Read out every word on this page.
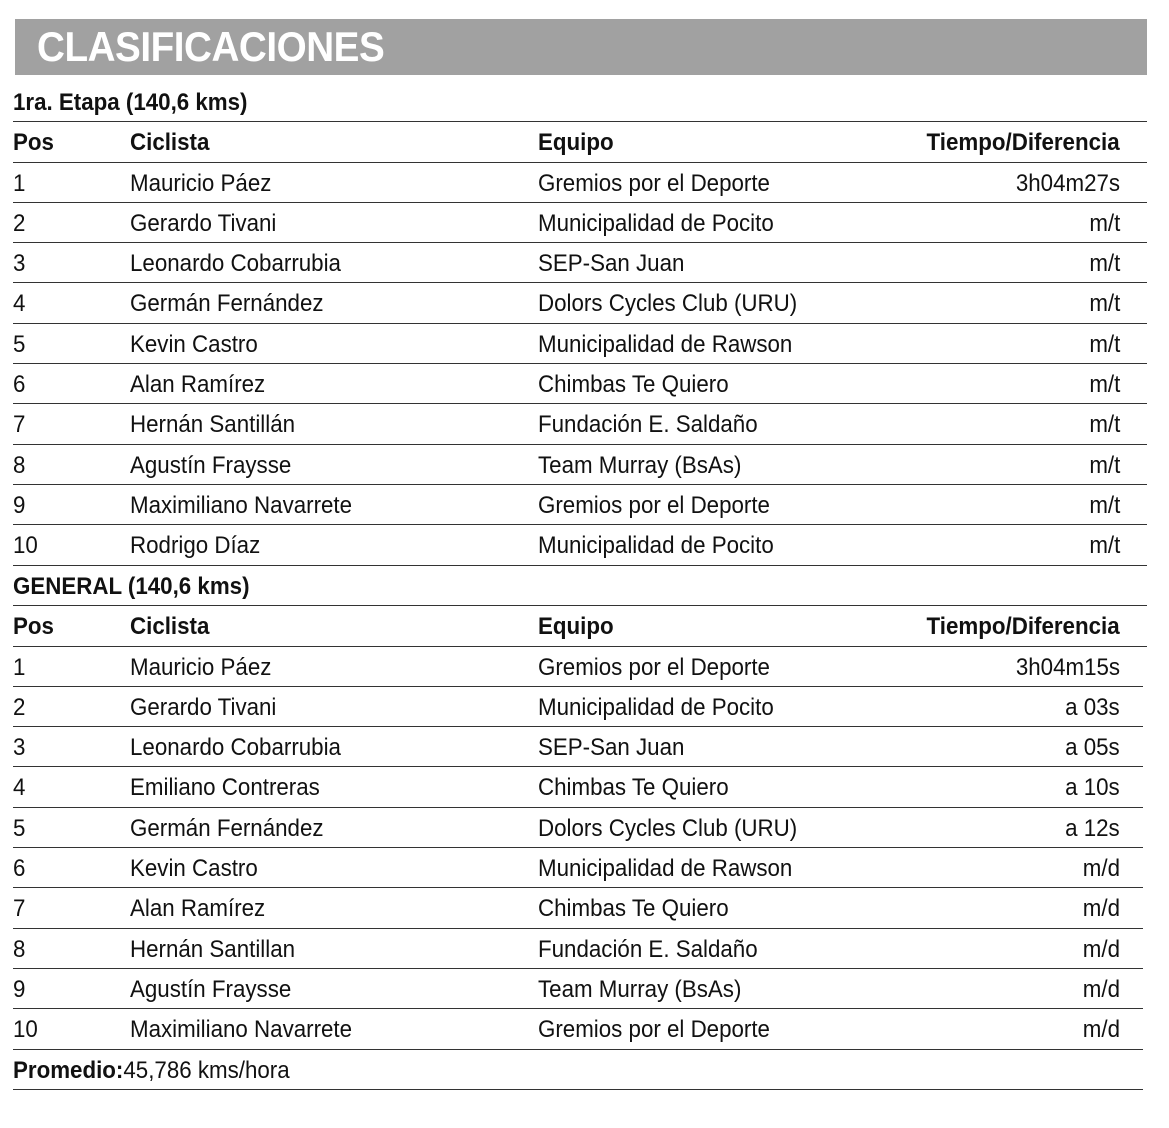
CLASIFICACIONES
1ra. Etapa (140,6 kms)
Pos	Ciclista	Equipo	Tiempo/Diferencia
1	Mauricio Páez	Gremios por el Deporte	3h04m27s
2	Gerardo Tivani	Municipalidad de Pocito	m/t
3	Leonardo Cobarrubia	SEP-San Juan	m/t
4	Germán Fernández	Dolors Cycles Club (URU)	m/t
5	Kevin Castro	Municipalidad de Rawson	m/t
6	Alan Ramírez	Chimbas Te Quiero	m/t
7	Hernán Santillán	Fundación E. Saldaño	m/t
8	Agustín Fraysse	Team Murray (BsAs)	m/t
9	Maximiliano Navarrete	Gremios por el Deporte	m/t
10	Rodrigo Díaz	Municipalidad de Pocito	m/t
GENERAL (140,6 kms)
Pos	Ciclista	Equipo	Tiempo/Diferencia
1	Mauricio Páez	Gremios por el Deporte	3h04m15s
2	Gerardo Tivani	Municipalidad de Pocito	a 03s
3	Leonardo Cobarrubia	SEP-San Juan	a 05s
4	Emiliano Contreras	Chimbas Te Quiero	a 10s
5	Germán Fernández	Dolors Cycles Club (URU)	a 12s
6	Kevin Castro	Municipalidad de Rawson	m/d
7	Alan Ramírez	Chimbas Te Quiero	m/d
8	Hernán Santillan	Fundación E. Saldaño	m/d
9	Agustín Fraysse	Team Murray (BsAs)	m/d
10	Maximiliano Navarrete	Gremios por el Deporte	m/d
Promedio:45,786 kms/hora
